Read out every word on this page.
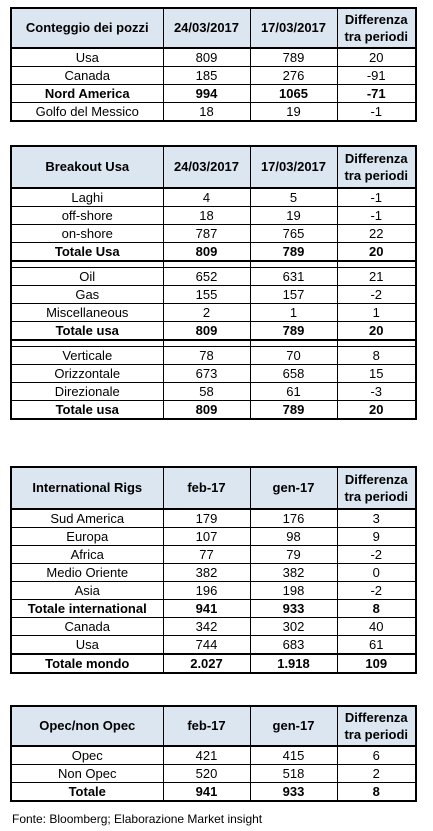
Conteggio dei pozzi	24/03/2017	17/03/2017	Differenza tra periodi
Usa	809	789	20
Canada	185	276	-91
Nord America	994	1065	-71
Golfo del Messico	18	19	-1
Breakout Usa	24/03/2017	17/03/2017	Differenza tra periodi
Laghi	4	5	-1
off-shore	18	19	-1
on-shore	787	765	22
Totale Usa	809	789	20

Oil	652	631	21
Gas	155	157	-2
Miscellaneous	2	1	1
Totale usa	809	789	20

Verticale	78	70	8
Orizzontale	673	658	15
Direzionale	58	61	-3
Totale usa	809	789	20
International Rigs	feb-17	gen-17	Differenza tra periodi
Sud America	179	176	3
Europa	107	98	9
Africa	77	79	-2
Medio Oriente	382	382	0
Asia	196	198	-2
Totale international	941	933	8
Canada	342	302	40
Usa	744	683	61
Totale mondo	2.027	1.918	109
Opec/non Opec	feb-17	gen-17	Differenza tra periodi
Opec	421	415	6
Non Opec	520	518	2
Totale	941	933	8
Fonte: Bloomberg; Elaborazione Market insight
